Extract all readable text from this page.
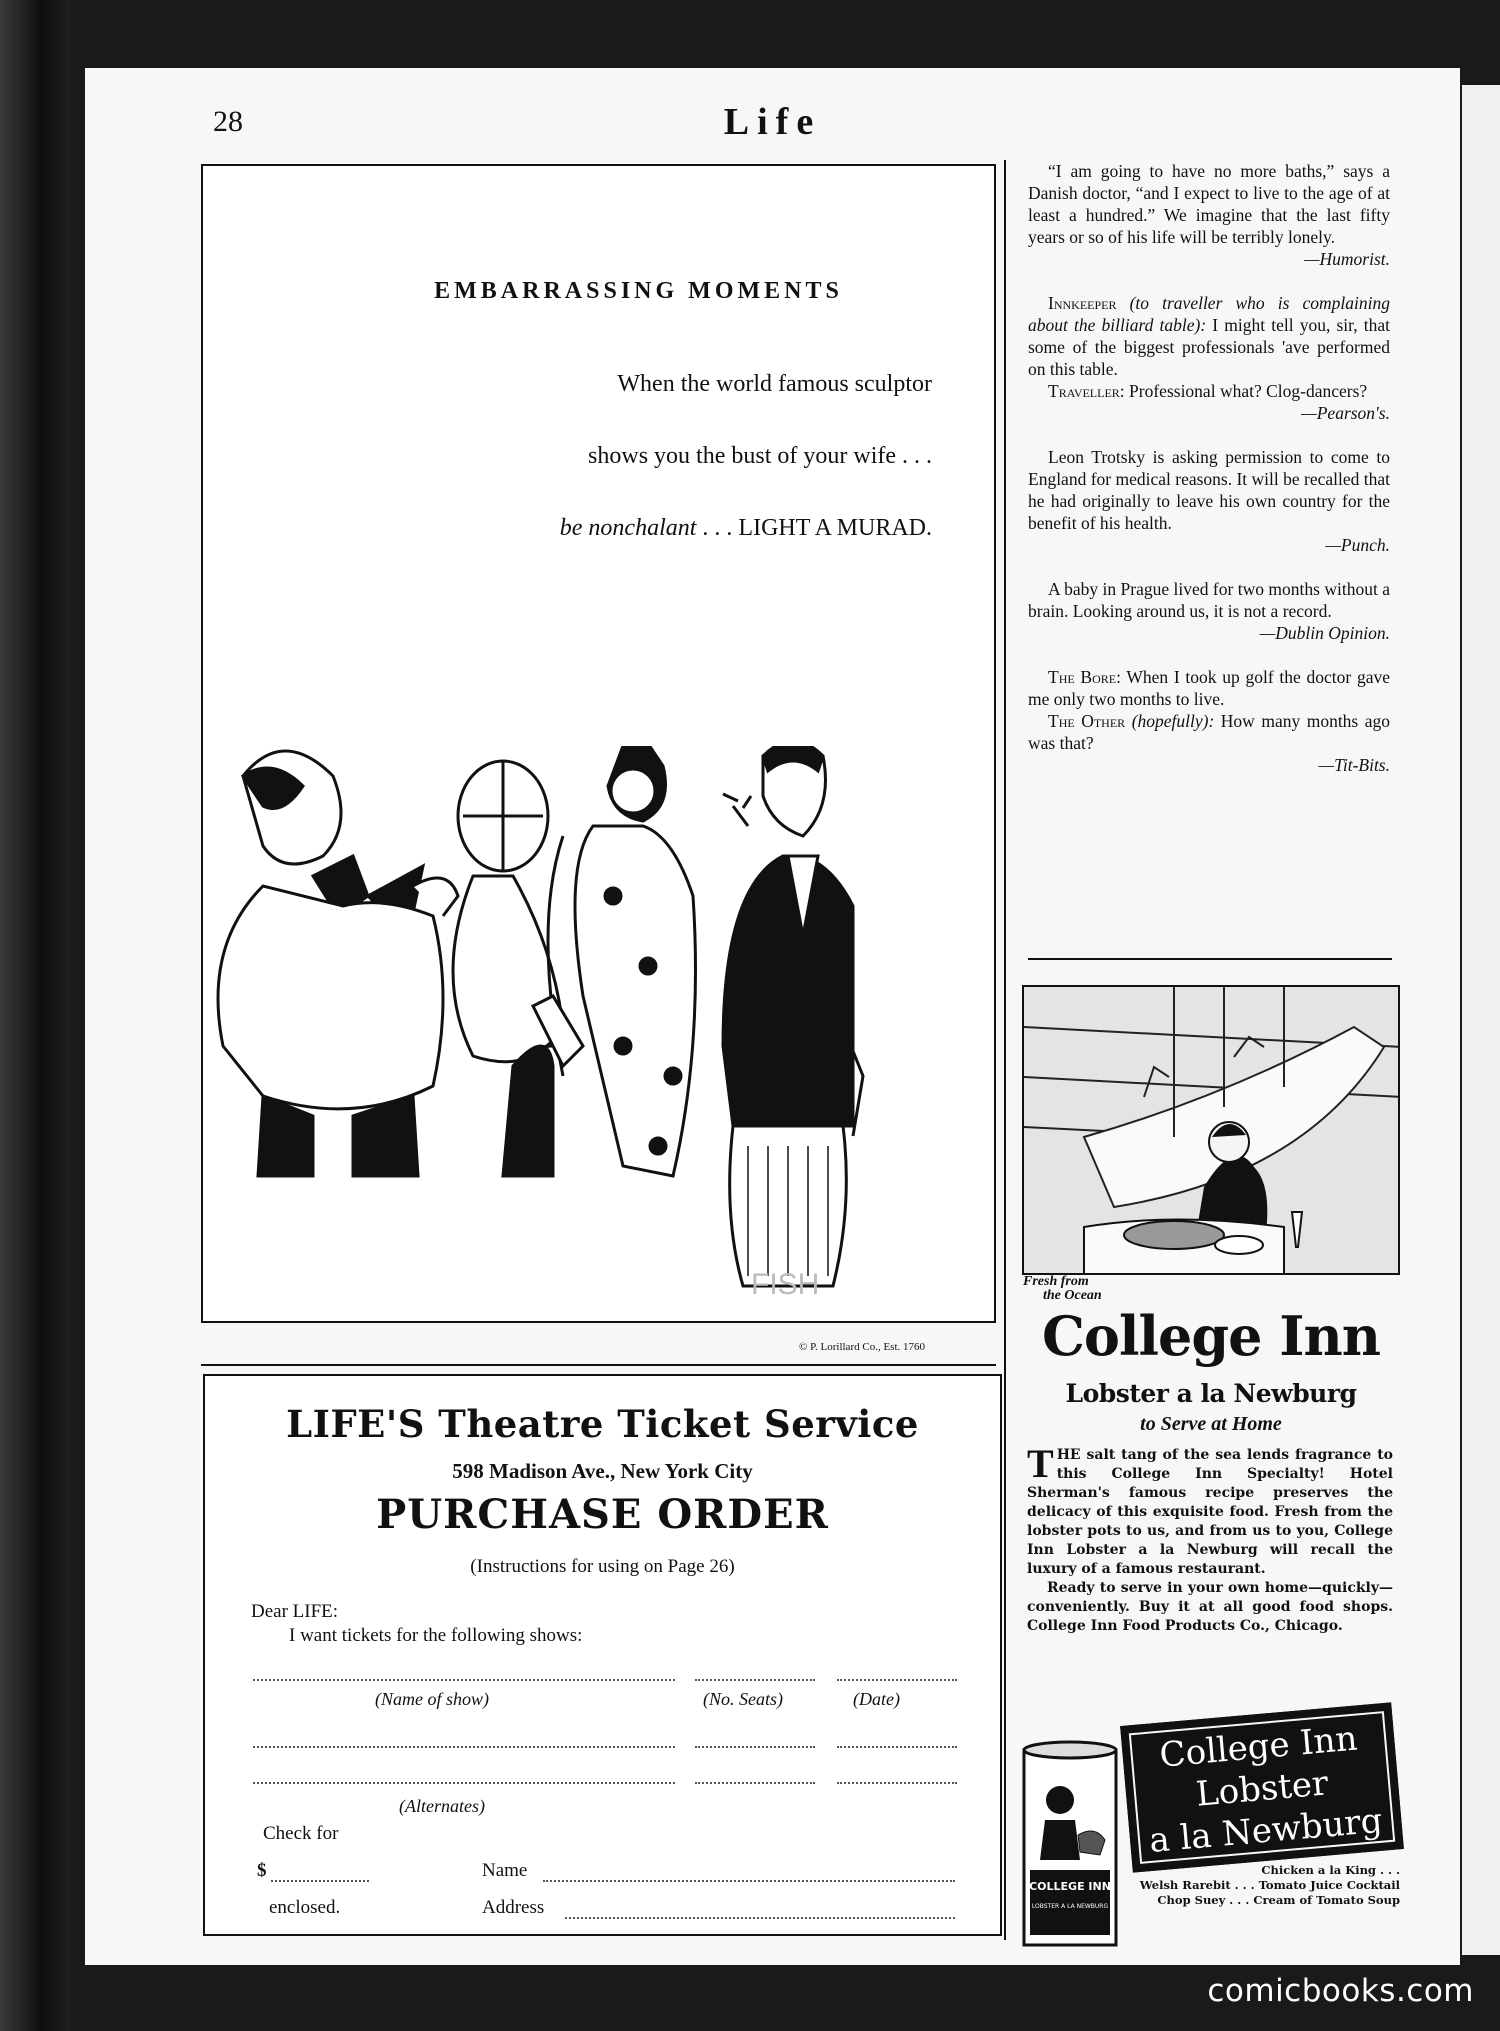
28	Life
EMBARRASSING MOMENTS
When the world famous sculptor
shows you the bust of your wife . . .
be nonchalant . . . LIGHT A MURAD.
FISH
© P. Lorillard Co., Est. 1760
LIFE'S Theatre Ticket Service
598 Madison Ave., New York City
PURCHASE ORDER
(Instructions for using on Page 26)
Dear LIFE:
I want tickets for the following shows:
(Name of show)	(No. Seats)	(Date)
(Alternates)
Check for
$
enclosed.
Name
Address

“I am going to have no more baths,” says a Danish doctor, “and I expect to live to the age of at least a hundred.” We imagine that the last fifty years or so of his life will be terribly lonely.

—Humorist.

Innkeeper (to traveller who is complaining about the billiard table): I might tell you, sir, that some of the biggest professionals 'ave performed on this table.

Traveller: Professional what? Clog-dancers?

—Pearson's.

Leon Trotsky is asking permission to come to England for medical reasons. It will be recalled that he had originally to leave his own country for the benefit of his health.

—Punch.

A baby in Prague lived for two months without a brain. Looking around us, it is not a record.

—Dublin Opinion.

The Bore: When I took up golf the doctor gave me only two months to live.

The Other (hopefully): How many months ago was that?

—Tit-Bits.
Fresh from
the Ocean
College Inn
Lobster a la Newburg
to Serve at Home
THE salt tang of the sea lends fragrance to this College Inn Specialty! Hotel Sherman's famous recipe preserves the delicacy of this exquisite food. Fresh from the lobster pots to us, and from us to you, College Inn Lobster a la Newburg will recall the luxury of a famous restaurant.
Ready to serve in your own home—quickly—conveniently. Buy it at all good food shops. College Inn Food Products Co., Chicago.
COLLEGE INN
LOBSTER A LA NEWBURG
College Inn
Lobster
a la Newburg
Chicken a la King . . .
Welsh Rarebit . . . Tomato Juice Cocktail
Chop Suey . . . Cream of Tomato Soup
comicbooks.com
